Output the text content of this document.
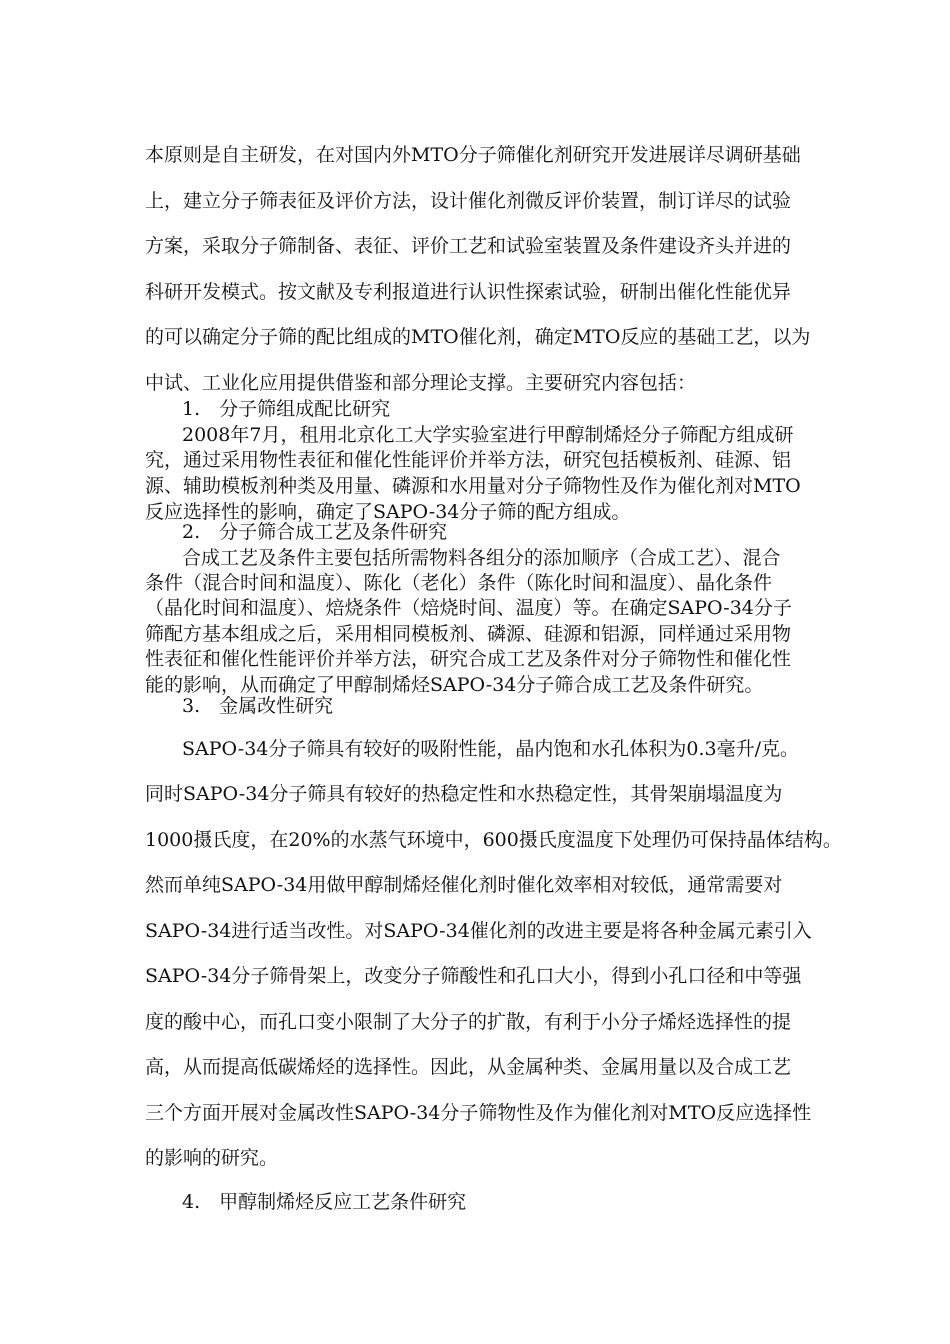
本原则是自主研发，在对国内外MTO分子筛催化剂研究开发进展详尽调研基础
上，建立分子筛表征及评价方法，设计催化剂微反评价装置，制订详尽的试验
方案，采取分子筛制备、表征、评价工艺和试验室装置及条件建设齐头并进的
科研开发模式。按文献及专利报道进行认识性探索试验，研制出催化性能优异
的可以确定分子筛的配比组成的MTO催化剂，确定MTO反应的基础工艺，以为
中试、工业化应用提供借鉴和部分理论支撑。主要研究内容包括：
1.　分子筛组成配比研究
2008年7月，租用北京化工大学实验室进行甲醇制烯烃分子筛配方组成研
究，通过采用物性表征和催化性能评价并举方法，研究包括模板剂、硅源、铝
源、辅助模板剂种类及用量、磷源和水用量对分子筛物性及作为催化剂对MTO
反应选择性的影响，确定了SAPO-34分子筛的配方组成。
2.　分子筛合成工艺及条件研究
合成工艺及条件主要包括所需物料各组分的添加顺序（合成工艺）、混合
条件（混合时间和温度）、陈化（老化）条件（陈化时间和温度）、晶化条件
（晶化时间和温度）、焙烧条件（焙烧时间、温度）等。在确定SAPO-34分子
筛配方基本组成之后，采用相同模板剂、磷源、硅源和铝源，同样通过采用物
性表征和催化性能评价并举方法，研究合成工艺及条件对分子筛物性和催化性
能的影响，从而确定了甲醇制烯烃SAPO-34分子筛合成工艺及条件研究。
3.　金属改性研究
SAPO-34分子筛具有较好的吸附性能，晶内饱和水孔体积为0.3毫升/克。
同时SAPO-34分子筛具有较好的热稳定性和水热稳定性，其骨架崩塌温度为
1000摄氏度，在20%的水蒸气环境中，600摄氏度温度下处理仍可保持晶体结构。
然而单纯SAPO-34用做甲醇制烯烃催化剂时催化效率相对较低，通常需要对
SAPO-34进行适当改性。对SAPO-34催化剂的改进主要是将各种金属元素引入
SAPO-34分子筛骨架上，改变分子筛酸性和孔口大小，得到小孔口径和中等强
度的酸中心，而孔口变小限制了大分子的扩散，有利于小分子烯烃选择性的提
高，从而提高低碳烯烃的选择性。因此，从金属种类、金属用量以及合成工艺
三个方面开展对金属改性SAPO-34分子筛物性及作为催化剂对MTO反应选择性
的影响的研究。
4.　甲醇制烯烃反应工艺条件研究
